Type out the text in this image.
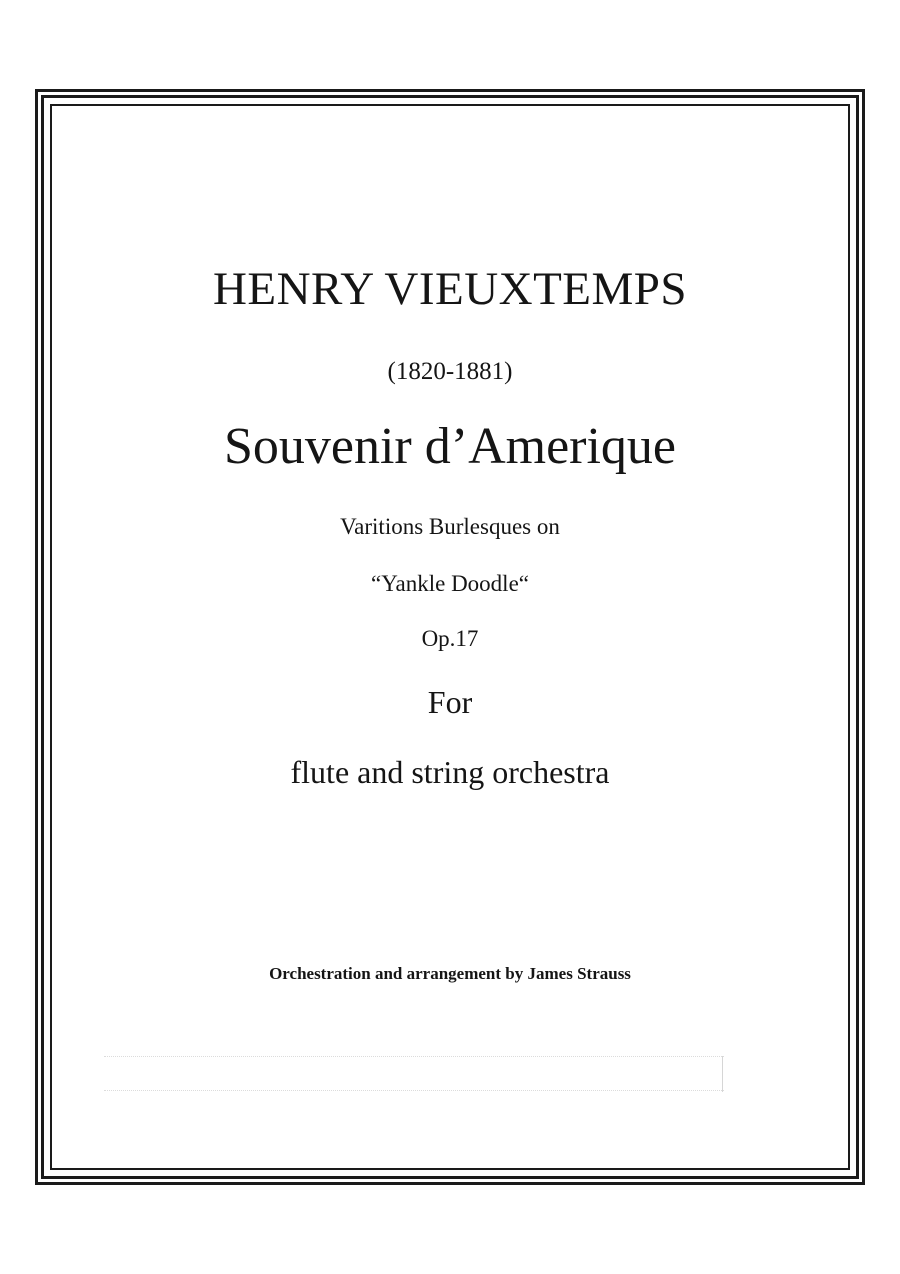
HENRY VIEUXTEMPS
(1820-1881)
Souvenir d’Amerique
Varitions Burlesques on
“Yankle Doodle“
Op.17
For
flute and string orchestra
Orchestration and arrangement by James Strauss
